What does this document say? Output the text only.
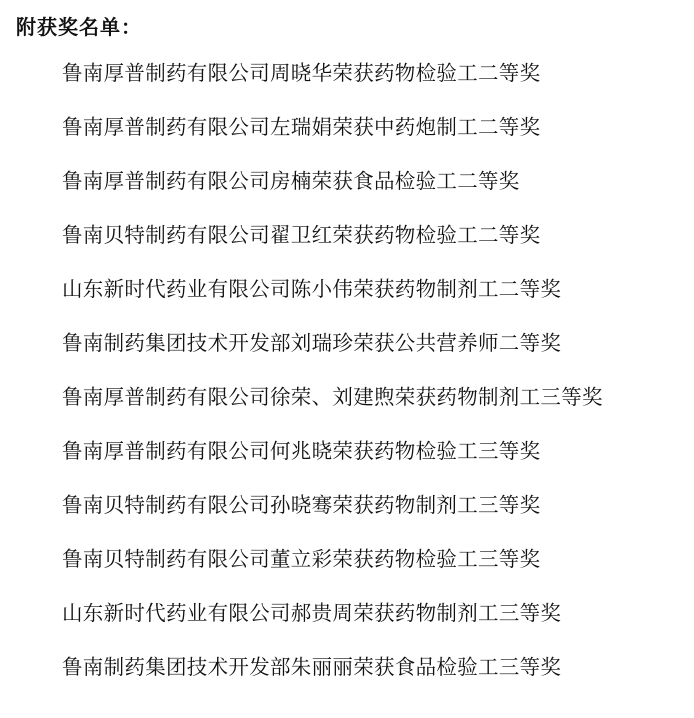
附获奖名单：
鲁南厚普制药有限公司周晓华荣获药物检验工二等奖
鲁南厚普制药有限公司左瑞娟荣获中药炮制工二等奖
鲁南厚普制药有限公司房楠荣获食品检验工二等奖
鲁南贝特制药有限公司翟卫红荣获药物检验工二等奖
山东新时代药业有限公司陈小伟荣获药物制剂工二等奖
鲁南制药集团技术开发部刘瑞珍荣获公共营养师二等奖
鲁南厚普制药有限公司徐荣、刘建煦荣获药物制剂工三等奖
鲁南厚普制药有限公司何兆晓荣获药物检验工三等奖
鲁南贝特制药有限公司孙晓骞荣获药物制剂工三等奖
鲁南贝特制药有限公司董立彩荣获药物检验工三等奖
山东新时代药业有限公司郝贵周荣获药物制剂工三等奖
鲁南制药集团技术开发部朱丽丽荣获食品检验工三等奖
